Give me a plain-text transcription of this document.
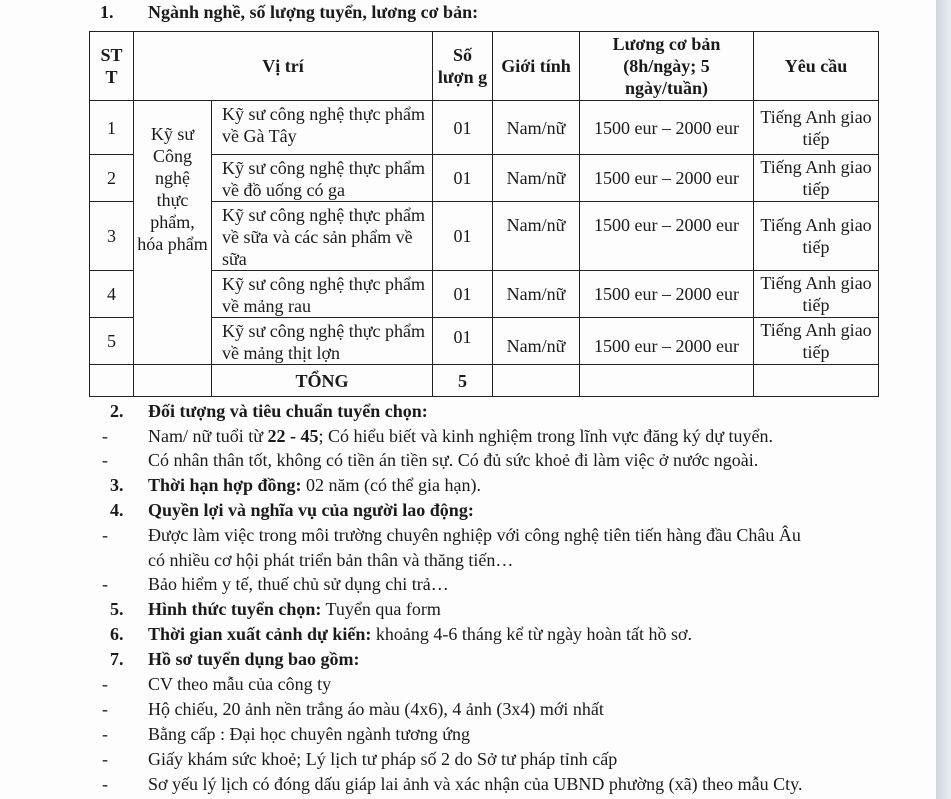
1. Ngành nghề, số lượng tuyển, lương cơ bản:
ST T	Vị trí		Số lượn g	Giới tính	Lương cơ bản (8h/ngày; 5 ngày/tuần)	Yêu cầu
1	Kỹ sư Công nghệ thực phẩm, hóa phẩm	Kỹ sư công nghệ thực phẩm về Gà Tây	01	Nam/nữ	1500 eur – 2000 eur	Tiếng Anh giao tiếp
2		Kỹ sư công nghệ thực phẩm về đồ uống có ga	01	Nam/nữ	1500 eur – 2000 eur	Tiếng Anh giao tiếp
3		Kỹ sư công nghệ thực phẩm về sữa và các sản phẩm về sữa	01	Nam/nữ	1500 eur – 2000 eur	Tiếng Anh giao tiếp
4		Kỹ sư công nghệ thực phẩm về mảng rau	01	Nam/nữ	1500 eur – 2000 eur	Tiếng Anh giao tiếp
5		Kỹ sư công nghệ thực phẩm về mảng thịt lợn	01	Nam/nữ	1500 eur – 2000 eur	Tiếng Anh giao tiếp
		TỔNG	5			
2. Đối tượng và tiêu chuẩn tuyển chọn:
- Nam/ nữ tuổi từ 22 - 45; Có hiểu biết và kinh nghiệm trong lĩnh vực đăng ký dự tuyển.
- Có nhân thân tốt, không có tiền án tiền sự. Có đủ sức khoẻ đi làm việc ở nước ngoài.
3. Thời hạn hợp đồng: 02 năm (có thể gia hạn).
4. Quyền lợi và nghĩa vụ của người lao động:
- Được làm việc trong môi trường chuyên nghiệp với công nghệ tiên tiến hàng đầu Châu Âu
có nhiều cơ hội phát triển bản thân và thăng tiến…
- Bảo hiểm y tế, thuế chủ sử dụng chi trả…
5. Hình thức tuyển chọn: Tuyển qua form
6. Thời gian xuất cảnh dự kiến: khoảng 4-6 tháng kể từ ngày hoàn tất hồ sơ.
7. Hồ sơ tuyển dụng bao gồm:
- CV theo mẫu của công ty
- Hộ chiếu, 20 ảnh nền trắng áo màu (4x6), 4 ảnh (3x4) mới nhất
- Bằng cấp : Đại học chuyên ngành tương ứng
- Giấy khám sức khoẻ; Lý lịch tư pháp số 2 do Sở tư pháp tỉnh cấp
- Sơ yếu lý lịch có đóng dấu giáp lai ảnh và xác nhận của UBND phường (xã) theo mẫu Cty.
